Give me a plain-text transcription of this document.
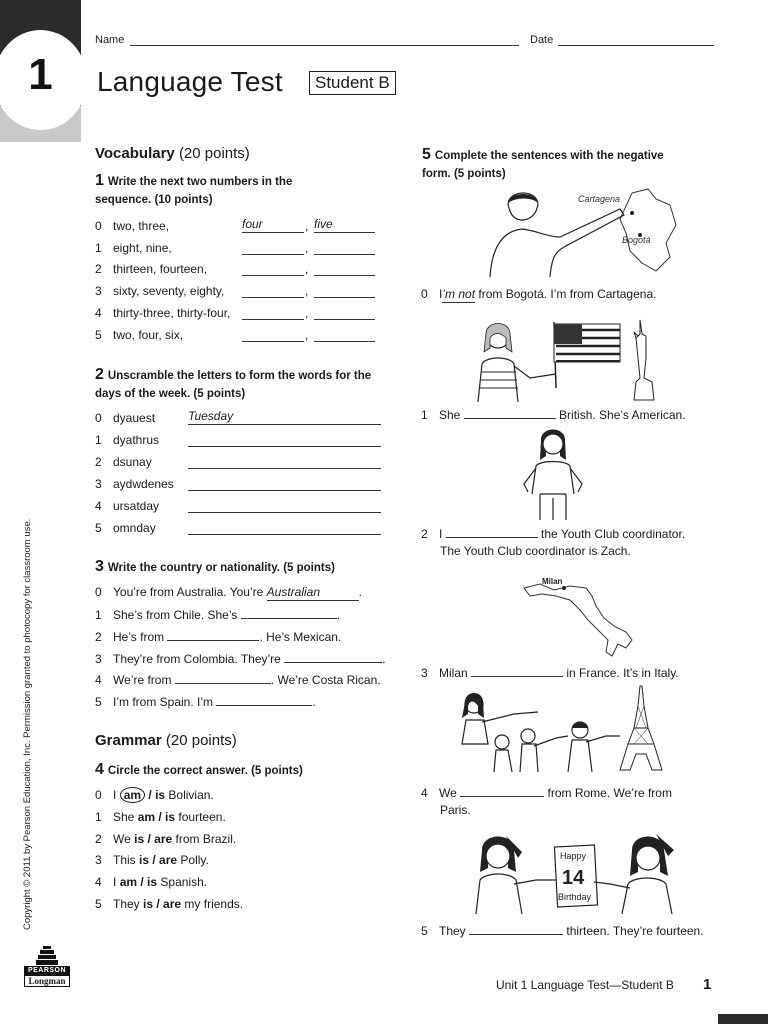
1
Name	Date
Language Test	Student B
Vocabulary (20 points)
1 Write the next two numbers in the sequence. (10 points)
0 two, three,	four	, five
1 eight, nine,	,
2 thirteen, fourteen,	,
3 sixty, seventy, eighty,	,
4 thirty-three, thirty-four,	,
5 two, four, six,	,
2 Unscramble the letters to form the words for the days of the week. (5 points)
0 dyauest	Tuesday
1 dyathrus
2 dsunay
3 aydwdenes
4 ursatday
5 omnday
3 Write the country or nationality. (5 points)
0 You’re from Australia. You’re Australian	.
1 She’s from Chile. She’s	.
2 He’s from	. He’s Mexican.
3 They’re from Colombia. They’re	.
4 We’re from	. We’re Costa Rican.
5 I’m from Spain. I’m	.
Grammar (20 points)
4 Circle the correct answer. (5 points)
0 I am / is Bolivian.
1 She am / is fourteen.
2 We is / are from Brazil.
3 This is / are Polly.
4 I am / is Spanish.
5 They is / are my friends.
5 Complete the sentences with the negative form. (5 points)
Cartagena
Bogotá
Milan
Happy
14
Birthday
0 I’m not from Bogotá. I’m from Cartagena.
1 She	British. She’s American.
2 I	the Youth Club coordinator.
The Youth Club coordinator is Zach.
3 Milan	in France. It’s in Italy.
4 We	from Rome. We’re from
Paris.
5 They	thirteen. They’re fourteen.
Copyright © 2011 by Pearson Education, Inc. Permission granted to photocopy for classroom use.
PEARSON
Longman	Unit 1 Language Test—Student B 1
